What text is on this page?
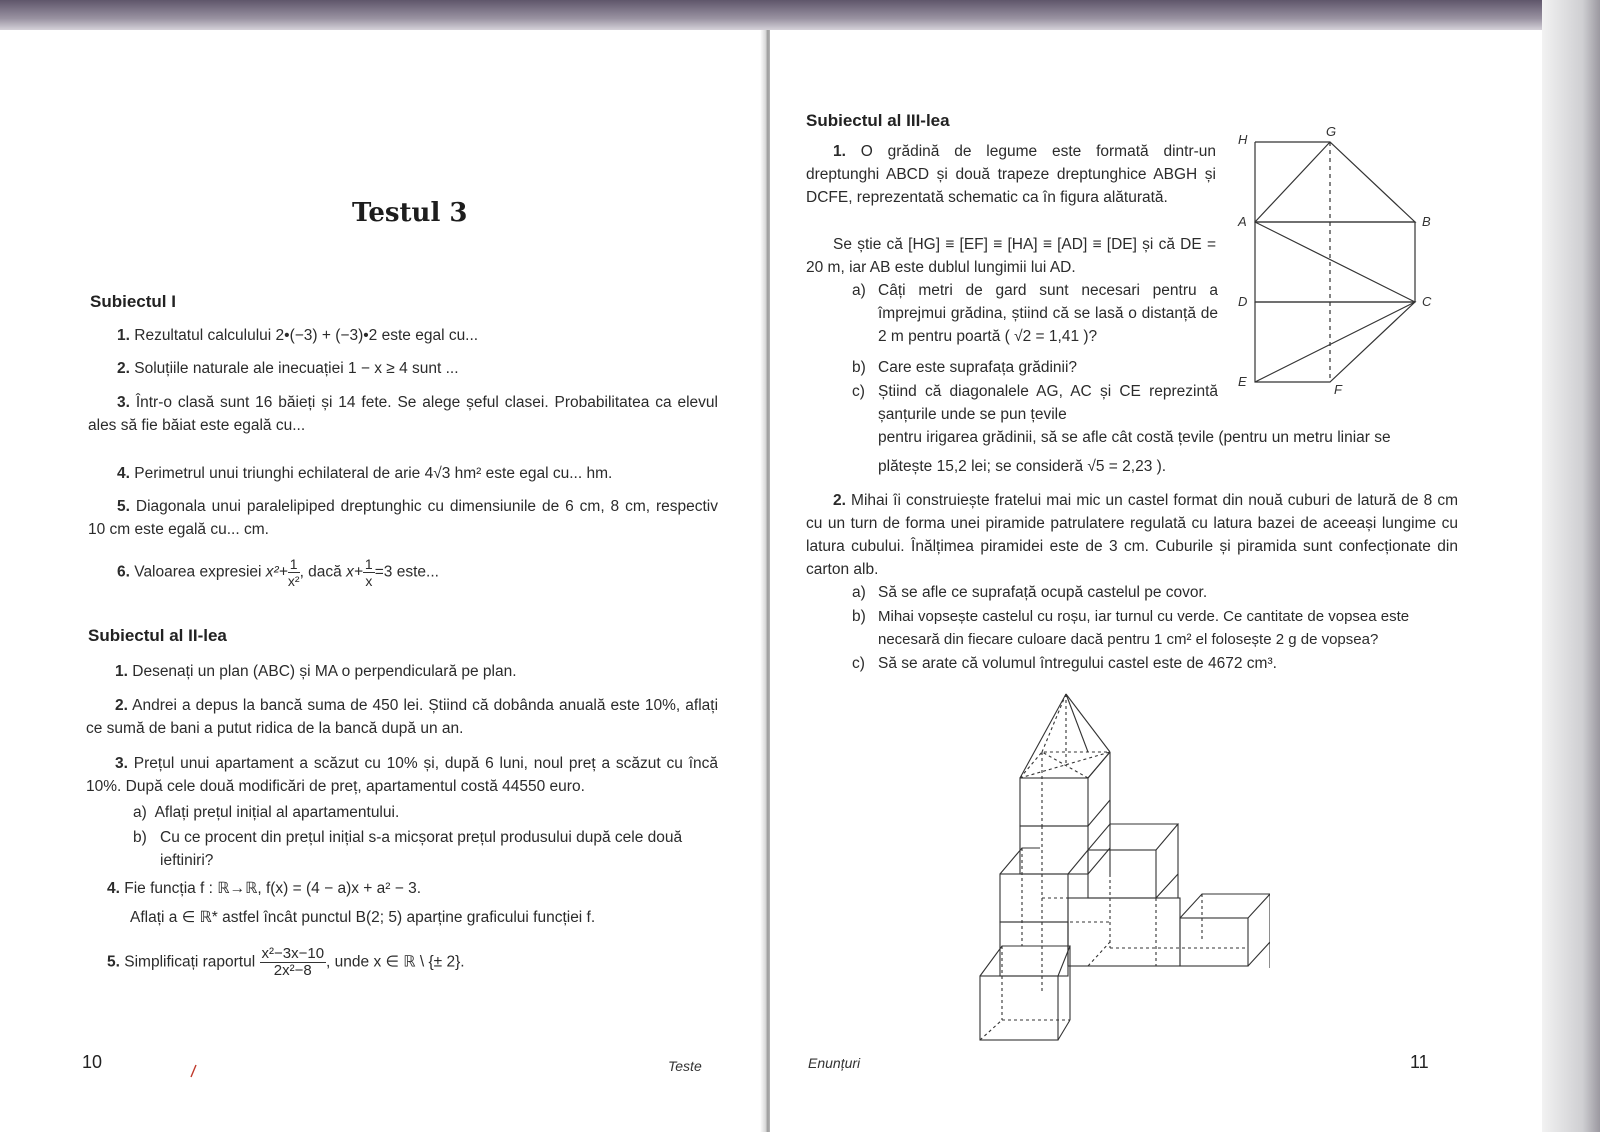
Testul 3
Subiectul I
1. Rezultatul calculului 2•(−3) + (−3)•2 este egal cu...
2. Soluțiile naturale ale inecuației 1 − x ≥ 4 sunt ...
3. Într-o clasă sunt 16 băieți și 14 fete. Se alege șeful clasei. Probabilitatea ca elevul ales să fie băiat este egală cu...
4. Perimetrul unui triunghi echilateral de arie 4√3 hm² este egal cu... hm.
5. Diagonala unui paralelipiped dreptunghic cu dimensiunile de 6 cm, 8 cm, respectiv 10 cm este egală cu... cm.
6. Valoarea expresiei $x^2+ \frac{1}{\text{x²}}$ , dacă $x+ \frac{1}{x} =3$ este...
Subiectul al II-lea
1. Desenați un plan (ABC) și MA o perpendiculară pe plan.
2. Andrei a depus la bancă suma de 450 lei. Știind că dobânda anuală este 10%, aflați ce sumă de bani a putut ridica de la bancă după un an.
3. Prețul unui apartament a scăzut cu 10% și, după 6 luni, noul preț a scăzut cu încă 10%. După cele două modificări de preț, apartamentul costă 44550 euro.
a) Aflați prețul inițial al apartamentului.
b) Cu ce procent din prețul inițial s-a micșorat prețul produsului după cele două ieftiniri?
4. Fie funcția f : ℝ→ℝ, f(x) = (4 − a)x + a² − 3.
Aflați a ∈ ℝ* astfel încât punctul B(2; 5) aparține graficului funcției f.
5. Simplificați raportul $\frac{\text{x²−3x−10}}{\text{2x²−8}}$ , unde x ∈ ℝ \ {± 2}.
10	Teste
Subiectul al III-lea
1. O grădină de legume este formată dintr-un dreptunghi ABCD și două trapeze dreptunghice ABGH și DCFE, reprezentată schematic ca în figura alăturată.
Se știe că [HG] ≡ [EF] ≡ [HA] ≡ [AD] ≡ [DE] și că DE = 20 m, iar AB este dublul lungimii lui AD.
a) Câți metri de gard sunt necesari pentru a împrejmui grădina, știind că se lasă o distanță de 2 m pentru poartă ( √2 = 1,41 )?
b) Care este suprafața grădinii?
c) Știind că diagonalele AG, AC și CE reprezintă șanțurile unde se pun țevile
pentru irigarea grădinii, să se afle cât costă țevile (pentru un metru liniar se
plătește 15,2 lei; se consideră √5 = 2,23 ).
H
G
A	B
D	C
E
F
2. Mihai îi construiește fratelui mai mic un castel format din nouă cuburi de latură de 8 cm cu un turn de forma unei piramide patrulatere regulată cu latura bazei de aceeași lungime cu latura cubului. Înălțimea piramidei este de 3 cm. Cuburile și piramida sunt confecționate din carton alb.
a) Să se afle ce suprafață ocupă castelul pe covor.
b) Mihai vopsește castelul cu roșu, iar turnul cu verde. Ce cantitate de vopsea este necesară din fiecare culoare dacă pentru 1 cm² el folosește 2 g de vopsea?
c) Să se arate că volumul întregului castel este de 4672 cm³.
Enunțuri	11
